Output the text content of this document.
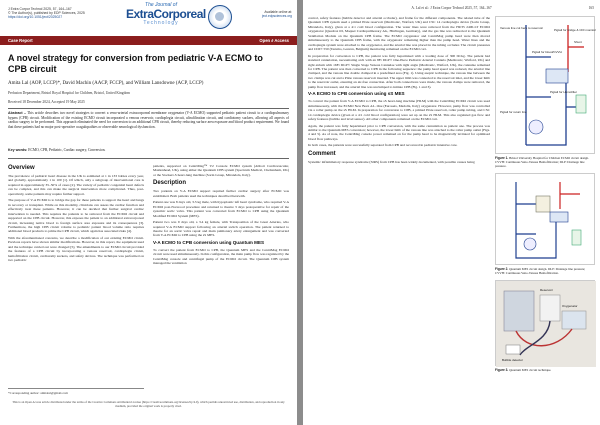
J Extra Corpor Technol 2025, 57, 164–167
© The Author(s), published by EDP Sciences, 2025
https://doi.org/10.1051/ject/2025027
The Journal of
ExtraCorporeal
Technology
Available online at:
ject.edpsciences.org
Case Report	Open ∂ Access
A novel strategy for conversion from pediatric V-A ECMO to CPB circuit
Amita Lal (AOP, LCCP)*, David Machin (AACP, FCCP), and William Lansdowne (ACP, LCCP)
Perfusion Department, Bristol Royal Hospital for Children, Bristol, United Kingdom
Received 18 December 2024, Accepted 19 May 2025
Abstract – This article describes two novel strategies to convert a veno-arterial extracorporeal membrane oxygenator (V-A ECMO) supported pediatric patient circuit to a cardiopulmonary bypass (CPB) circuit. Modification of the existing ECMO circuit incorporated a venous reservoir, cardioplegia circuit, ultrafiltration circuit, and cardiotomy suckers, allowing all aspects of cardiac surgery to be performed. This approach eliminated the need for conversion to an additional CPB circuit, thereby reducing surface area exposure and blood product requirement. We found that these patients had no major post-operative coagulopathies or observable neurological dysfunction.
Key words: ECMO, CPB, Pediatric, Cardiac surgery, Conversion.
Overview
The prevalence of pediatric heart disease in the UK is estimated at 1 in 133 babies every year, and globally, approximately 1 in 100 [1]. Of which, only a subgroup of interventional care is required in approximately 35–50% of cases [2]. The variety of pediatric congenital heart defects can be complex, and this can make the surgical intervention more complicated. Thus, post-operatively, some patients may require further support.
The purpose of V-A ECMO is to bridge the gap for these patients to support the heart and lungs in recovery or transplant. While on this modality, clinicians can assess the cardiac function and effectively treat these patients. However, it can be decided that further surgical cardiac intervention is needed. This requires the patients to be removed from the ECMO circuit and supported on the CPB circuit. However, this exposes the patient to an additional extracorporeal circuit, increasing native blood to foreign surface area exposure and its consequences [3]. Furthermore, the high CPB circuit volume to pediatric patient blood volume ratio requires additional blood products to prime the CPB circuit, which again has associated risks [4].
With the aforementioned concerns, we describe a modification of our existing ECMO circuit. Previous reports have shown similar modifications. However, in this report, the equipment used and the technique carried out were changed [5]. The amendments to our ECMO circuit provided the features of a CPB circuit by incorporating a venous reservoir, cardioplegia circuit, hemofiltration circuit, cardiotomy suckers, and safety devices. The technique was performed on two pediatric
patients, supported on CentriMag™ V2 Console ECMO system (Abbott Cardiovascular, Maidenhead, UK), using either the Quantum CPB system (Spectrum Medical, Cheltenham, UK) or the Stockert-S heart-lung machine (Sorin Group, Mirandola, Italy).
Description
Two patients on V-A ECMO support required further cardiac surgery after ECMO was established. Both patients used the techniques described herewith.
Patient one was 8 days old, 3.3 kg male, with hypoplastic left heart syndrome, who required V-A ECMO post-Norwood procedure and returned to theatre 3 days postoperative for repair of the systemic aortic valve. This patient was converted from ECMO to CPB using the Quantum Modified ECMO System (MES).
Patient two was 9 days old, a 3.4 kg female, with Transposition of the Great Arteries, who required V-A ECMO support following an arterial switch operation. The patient returned to theatre for an aortic valve repair and main pulmonary artery enlargement and was converted from V-A ECMO to CPB using the sS MES.
V-A ECMO to CPB conversion using Quantum MES
To convert the patient from ECMO to CPB, the Quantum MES and the CentriMag ECMO circuit were used simultaneously. In this configuration, the main pump flow was regulated by the CentriMag console and centrifugal pump of the ECMO circuit. The Quantum CPB system managed the ventilation
*Corresponding author: amitalal@gmail.com
This is an Open Access article distributed under the terms of the Creative Commons Attribution License (https://creativecommons.org/licenses/by/4.0), which permits unrestricted use, distribution, and reproduction in any medium, provided the original work is properly cited.
A. Lal et al.: J Extra Corpor Technol 2025, 57, 164–167	165
control, safety features (bubble detector and arterial occluder), and frame for the different components. The related tube of the Quantum CPB system used a primed Pixie reservoir (Medtronic, Watford, UK) and CSC 14 cardioplegia device (Sorin Group, Mirandola, Italy), given at a 4:1 cold blood configuration. The water lines were removed from the HU35 2400-LT ECMO oxygenator (Quadrox iD, Maquet Cardiopulmonary AG, Hirrlingen, Germany), and the gas line was redirected to the Quantum Ventilation Module on the Quantum CPB frame. The ECMO oxygenator and CentriMag pump head were then moved simultaneously to the Quantum CPB frame, with the oxygenator remaining higher than the pump head. Water lines and the cardioplegia system were attached to the oxygenator, and the arterial line was placed in the tubing occluder. The circuit pressures and CDI® 550 (Terumo, Leuven, Belgium) monitoring remained on the ECMO cart.
In preparation for conversion to CPB, the patient was fully heparinised with a loading dose of 300 IU/kg. The patient had standard cannulation, necessitating arch with an 8Fr DLP® One-Piece Pediatric Arterial Cannula (Medtronic, Watford, UK) and right atrium with 16Fr DLP® Single Stage Venous Cannulae with right angle (Medtronic, Watford, UK), the cannulae remained for CPB. The patient was then converted to CPB in the following sequence: the pump head speed was reduced, the arterial line clamped, and the venous line double clamped in a predefined area (Fig. 1). Using aseptic technique, the venous line between the two clamps was cut and a Pixie venous reservoir inserted. The upper limb was connected to the reservoir inlet, and the lower limb to the reservoir outlet, ensuring an air-free connection. After both connections were made, the venous clamps were removed, the pump flow increased, and the arterial line was unclamped to initiate CPB (Fig. 1 and 3).
V-A ECMO to CPB conversion using sS MES
To convert the patient from V-A ECMO to CPB, the sS heart-lung machine (HLM) with the CentriMag ECMO circuit was used simultaneously, with the ECMO New Born AL. One (Eurosets, Medolla, Italy) oxygenator. However, pump flow was controlled via a roller pump on the sS HLM. In preparation for conversion to CPB, a primed Pixie reservoir, roller pump tubing, and CSC 14 cardioplegia device (given at a 4:1 cold blood configuration) were set up on the sS HLM. This also regulated gas flow and safety features (bubble and level sensor). All other components remained on the ECMO cart.
Again, the patient was fully heparinised prior to CPB conversion, with the same cannulation as patient one. The process was similar to the Quantum MES conversion; however, the lower limb of the venous line was attached to the roller pump outlet (Figs. 4 and 5). As of note, the CentriMag console power remained on for the pump head to be magnetically levitated for optimised blood flow pathways.
In both cases, the patients were successfully separated from CPB and recovered in pediatric intensive care.
Comment
Systemic inflammatory response syndrome (SIRS) from CPB has been widely documented, with possible causes being
Venous line cut here to reservoir
Pigtail for blood/CVVH
Pigtail for bridge & CDI monitoring
Pigtail for Hemofilter
Pigtail for return line
Shunt
Figure 1. Bristol University Hospital for Children ECMO circuit design. CVVH: Continuous Veno-Venous Hemofiltration; DLP: Drainage line pressure.
Figure 2. Quantum MES circuit design. DLP: Drainage line pressure; CVVH: Continuous Veno-Venous Hemofiltration.
Reservoir
Oxygenator
Bubble detector
Figure 3. Quantum MES circuit technique.
